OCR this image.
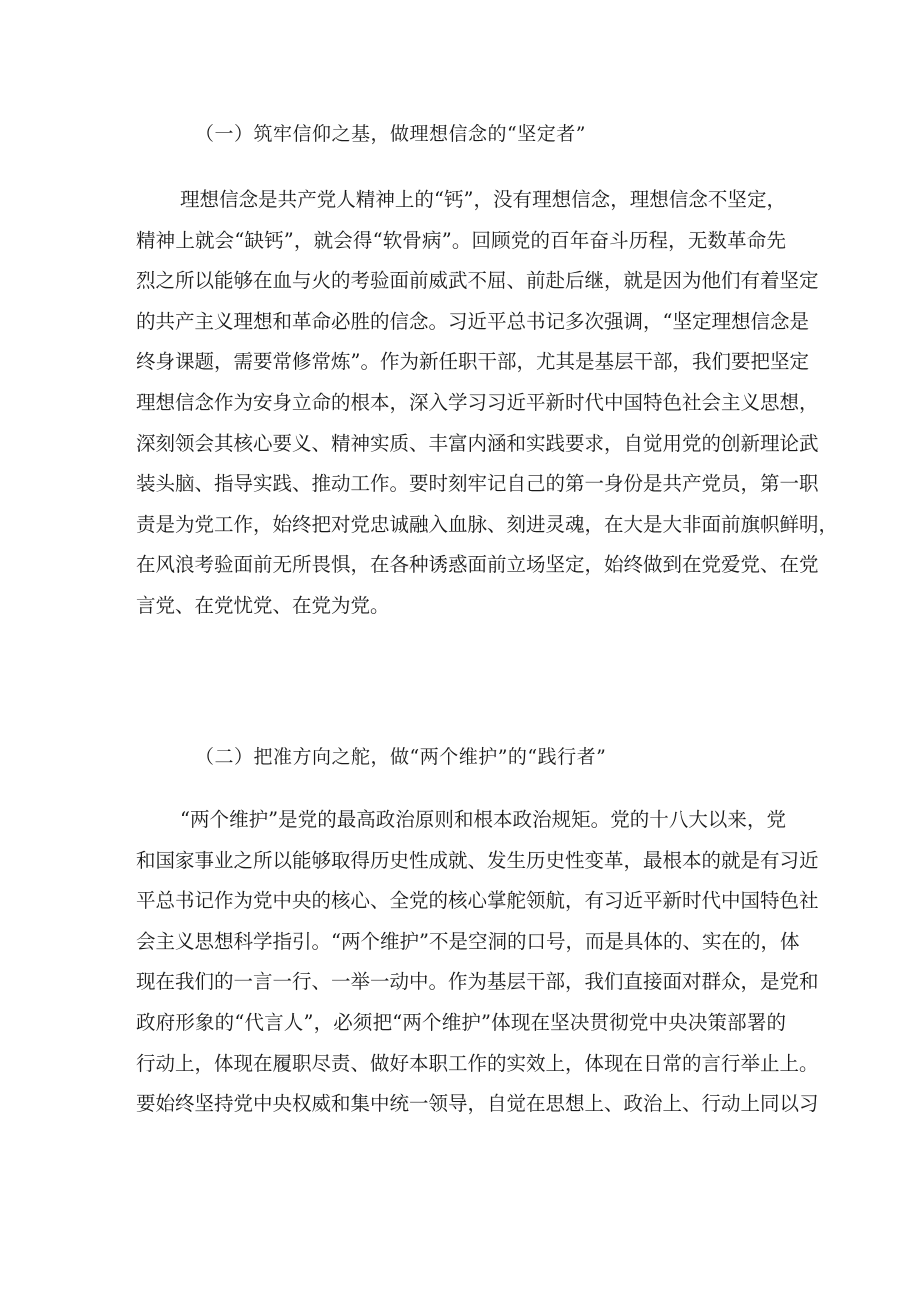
（一）筑牢信仰之基，做理想信念的“坚定者”
理想信念是共产党人精神上的“钙”，没有理想信念，理想信念不坚定，
精神上就会“缺钙”，就会得“软骨病”。回顾党的百年奋斗历程，无数革命先
烈之所以能够在血与火的考验面前威武不屈、前赴后继，就是因为他们有着坚定
的共产主义理想和革命必胜的信念。习近平总书记多次强调，“坚定理想信念是
终身课题，需要常修常炼”。作为新任职干部，尤其是基层干部，我们要把坚定
理想信念作为安身立命的根本，深入学习习近平新时代中国特色社会主义思想，
深刻领会其核心要义、精神实质、丰富内涵和实践要求，自觉用党的创新理论武
装头脑、指导实践、推动工作。要时刻牢记自己的第一身份是共产党员，第一职
责是为党工作，始终把对党忠诚融入血脉、刻进灵魂，在大是大非面前旗帜鲜明，
在风浪考验面前无所畏惧，在各种诱惑面前立场坚定，始终做到在党爱党、在党
言党、在党忧党、在党为党。
（二）把准方向之舵，做“两个维护”的“践行者”
“两个维护”是党的最高政治原则和根本政治规矩。党的十八大以来，党
和国家事业之所以能够取得历史性成就、发生历史性变革，最根本的就是有习近
平总书记作为党中央的核心、全党的核心掌舵领航，有习近平新时代中国特色社
会主义思想科学指引。“两个维护”不是空洞的口号，而是具体的、实在的，体
现在我们的一言一行、一举一动中。作为基层干部，我们直接面对群众，是党和
政府形象的“代言人”，必须把“两个维护”体现在坚决贯彻党中央决策部署的
行动上，体现在履职尽责、做好本职工作的实效上，体现在日常的言行举止上。
要始终坚持党中央权威和集中统一领导，自觉在思想上、政治上、行动上同以习
